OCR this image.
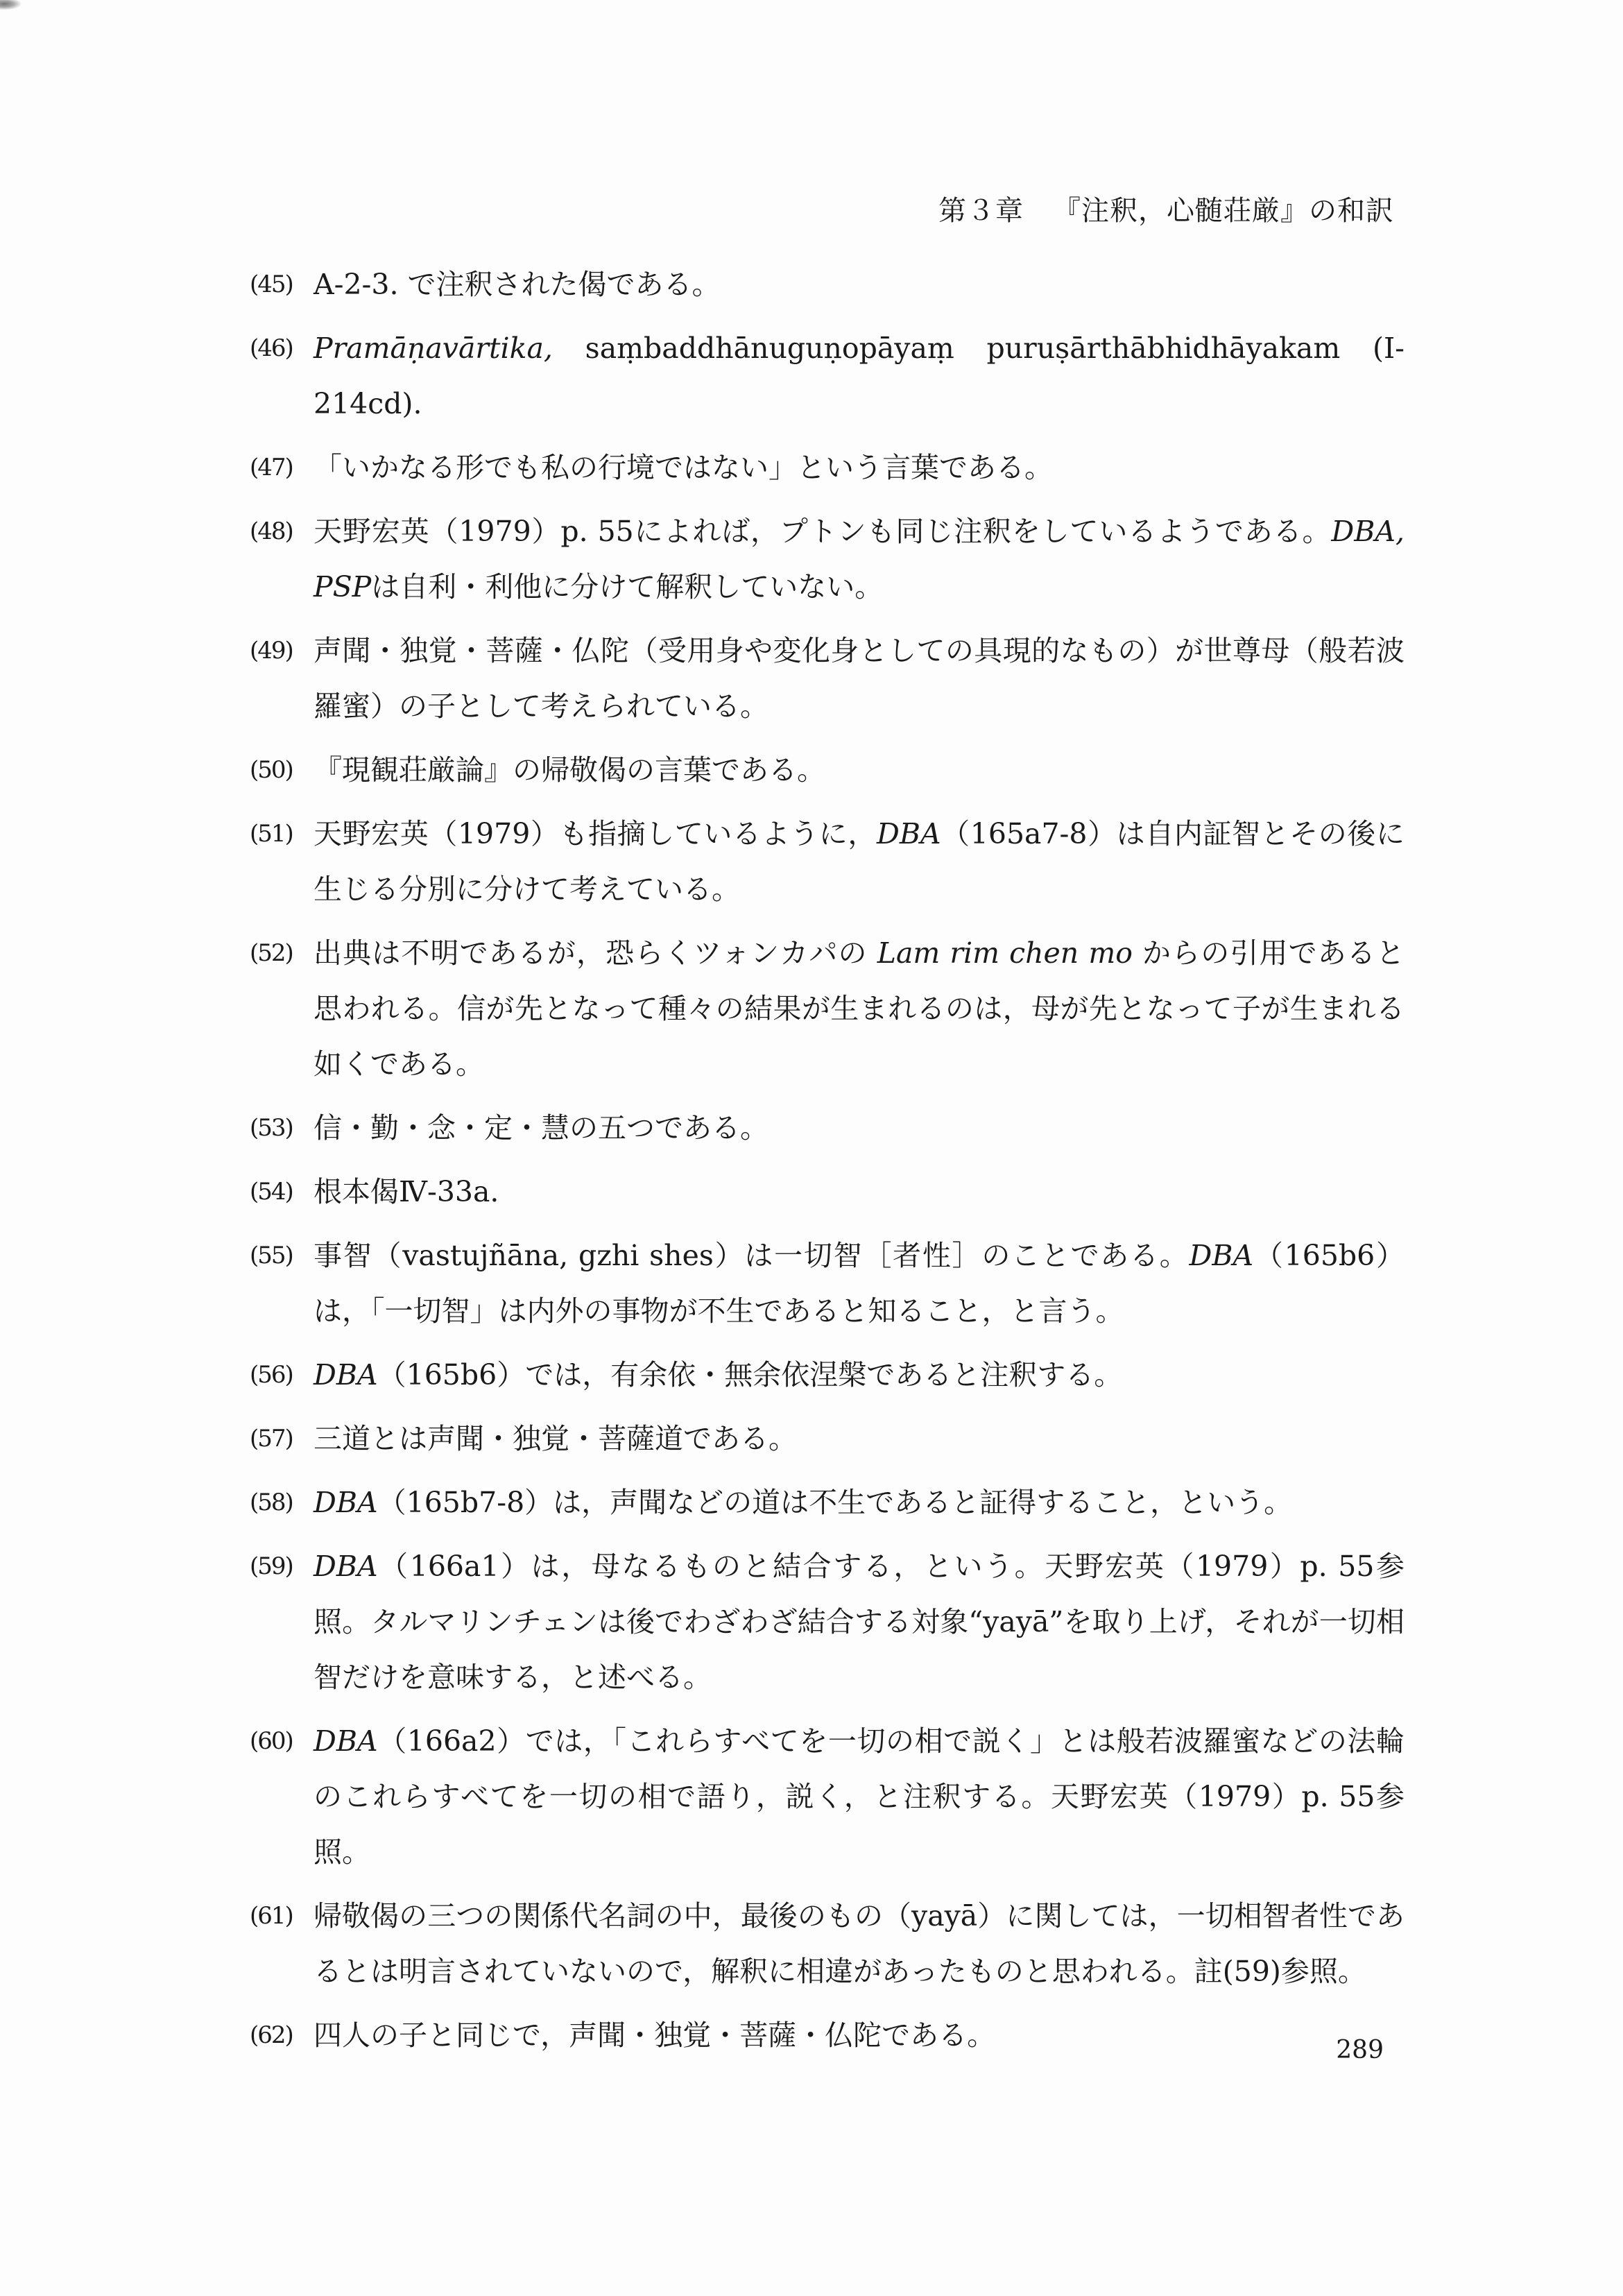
第３章 『注釈，心髄荘厳』の和訳
(45) A-2-3. で注釈された偈である。
(46) Pramāṇavārtika, saṃbaddhānuguṇopāyaṃ puruṣārthābhidhāyakam (I-214cd).
(47) 「いかなる形でも私の行境ではない」という言葉である。
(48) 天野宏英（1979）p. 55によれば，プトンも同じ注釈をしているようである。DBA, PSPは自利・利他に分けて解釈していない。
(49) 声聞・独覚・菩薩・仏陀（受用身や変化身としての具現的なもの）が世尊母（般若波羅蜜）の子として考えられている。
(50) 『現観荘厳論』の帰敬偈の言葉である。
(51) 天野宏英（1979）も指摘しているように，DBA（165a7-8）は自内証智とその後に生じる分別に分けて考えている。
(52) 出典は不明であるが，恐らくツォンカパの Lam rim chen mo からの引用であると思われる。信が先となって種々の結果が生まれるのは，母が先となって子が生まれる如くである。
(53) 信・勤・念・定・慧の五つである。
(54) 根本偈Ⅳ-33a.
(55) 事智（vastujñāna, gzhi shes）は一切智［者性］のことである。DBA（165b6）は，「一切智」は内外の事物が不生であると知ること，と言う。
(56) DBA（165b6）では，有余依・無余依涅槃であると注釈する。
(57) 三道とは声聞・独覚・菩薩道である。
(58) DBA（165b7-8）は，声聞などの道は不生であると証得すること，という。
(59) DBA（166a1）は，母なるものと結合する，という。天野宏英（1979）p. 55参照。タルマリンチェンは後でわざわざ結合する対象“yayā”を取り上げ，それが一切相智だけを意味する，と述べる。
(60) DBA（166a2）では，「これらすべてを一切の相で説く」とは般若波羅蜜などの法輪のこれらすべてを一切の相で語り，説く，と注釈する。天野宏英（1979）p. 55参照。
(61) 帰敬偈の三つの関係代名詞の中，最後のもの（yayā）に関しては，一切相智者性であるとは明言されていないので，解釈に相違があったものと思われる。註(59)参照。
(62) 四人の子と同じで，声聞・独覚・菩薩・仏陀である。	289
